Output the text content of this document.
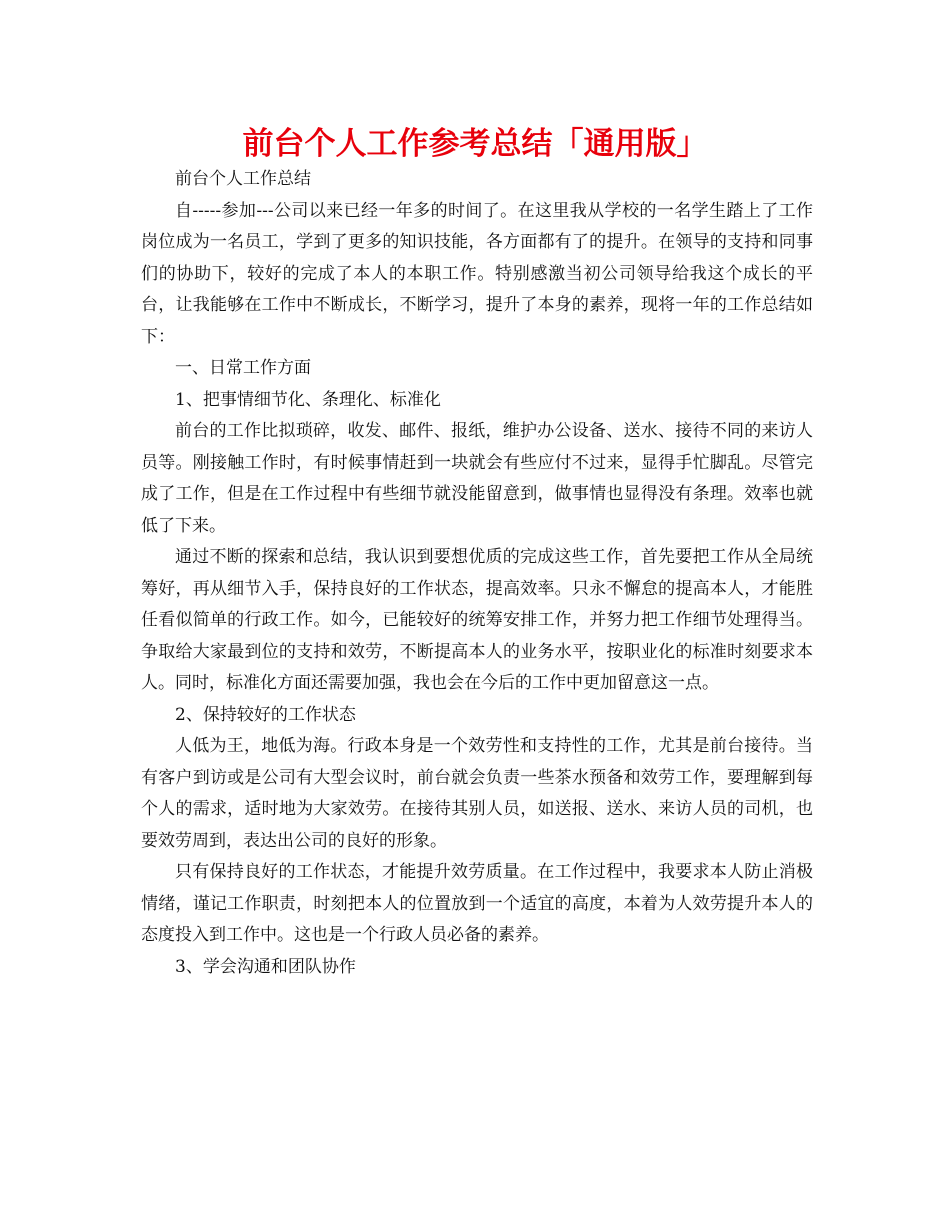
前台个人工作参考总结「通用版」

前台个人工作总结

自-----参加---公司以来已经一年多的时间了。在这里我从学校的一名学生踏上了工作岗位成为一名员工，学到了更多的知识技能，各方面都有了的提升。在领导的支持和同事们的协助下，较好的完成了本人的本职工作。特别感激当初公司领导给我这个成长的平台，让我能够在工作中不断成长，不断学习，提升了本身的素养，现将一年的工作总结如下：

一、日常工作方面

1、把事情细节化、条理化、标准化

前台的工作比拟琐碎，收发、邮件、报纸，维护办公设备、送水、接待不同的来访人员等。刚接触工作时，有时候事情赶到一块就会有些应付不过来，显得手忙脚乱。尽管完成了工作，但是在工作过程中有些细节就没能留意到，做事情也显得没有条理。效率也就低了下来。

通过不断的探索和总结，我认识到要想优质的完成这些工作，首先要把工作从全局统筹好，再从细节入手，保持良好的工作状态，提高效率。只永不懈怠的提高本人，才能胜任看似简单的行政工作。如今，已能较好的统筹安排工作，并努力把工作细节处理得当。争取给大家最到位的支持和效劳，不断提高本人的业务水平，按职业化的标准时刻要求本人。同时，标准化方面还需要加强，我也会在今后的工作中更加留意这一点。

2、保持较好的工作状态

人低为王，地低为海。行政本身是一个效劳性和支持性的工作，尤其是前台接待。当有客户到访或是公司有大型会议时，前台就会负责一些茶水预备和效劳工作，要理解到每个人的需求，适时地为大家效劳。在接待其别人员，如送报、送水、来访人员的司机，也要效劳周到，表达出公司的良好的形象。

只有保持良好的工作状态，才能提升效劳质量。在工作过程中，我要求本人防止消极情绪，谨记工作职责，时刻把本人的位置放到一个适宜的高度，本着为人效劳提升本人的态度投入到工作中。这也是一个行政人员必备的素养。

3、学会沟通和团队协作
